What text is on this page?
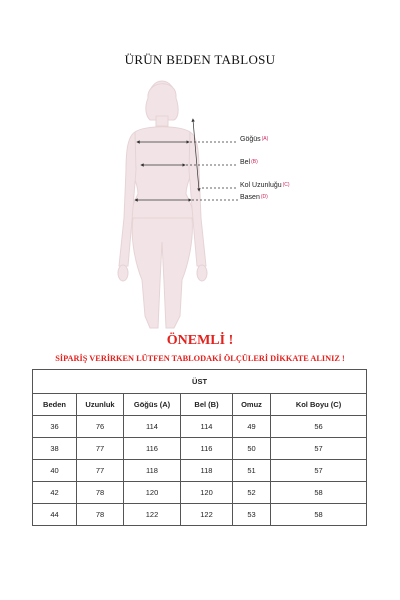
ÜRÜN BEDEN TABLOSU
Göğüs(A)
Bel(B)
Kol Uzunluğu(C)
Basen(D)
ÖNEMLİ !
SİPARİŞ VERİRKEN LÜTFEN TABLODAKİ ÖLÇÜLERİ DİKKATE ALINIZ !
ÜST					
Beden	Uzunluk	Göğüs (A)	Bel (B)	Omuz	Kol Boyu (C)
36	76	114	114	49	56
38	77	116	116	50	57
40	77	118	118	51	57
42	78	120	120	52	58
44	78	122	122	53	58
